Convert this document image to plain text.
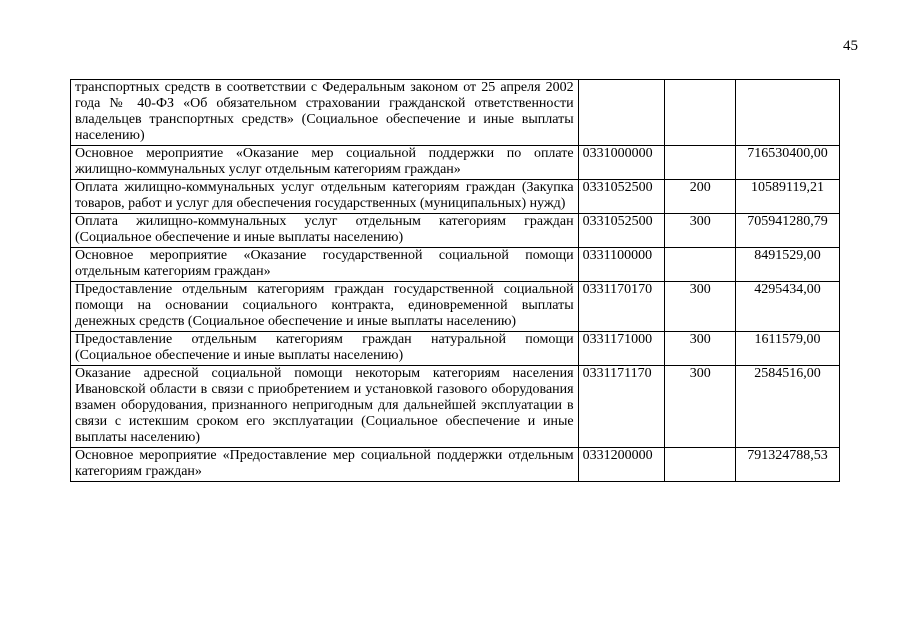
45
транспортных средств в соответствии с Федеральным законом от 25 апреля 2002 года № 40-ФЗ «Об обязательном страховании гражданской ответственности владельцев транспортных средств» (Социальное обеспечение и иные выплаты населению)			
Основное мероприятие «Оказание мер социальной поддержки по оплате жилищно-коммунальных услуг отдельным категориям граждан»	0331000000		716530400,00
Оплата жилищно-коммунальных услуг отдельным категориям граждан (Закупка товаров, работ и услуг для обеспечения государственных (муниципальных) нужд)	0331052500	200	10589119,21
Оплата жилищно-коммунальных услуг отдельным категориям граждан (Социальное обеспечение и иные выплаты населению)	0331052500	300	705941280,79
Основное мероприятие «Оказание государственной социальной помощи отдельным категориям граждан»	0331100000		8491529,00
Предоставление отдельным категориям граждан государственной социальной помощи на основании социального контракта, единовременной выплаты денежных средств (Социальное обеспечение и иные выплаты населению)	0331170170	300	4295434,00
Предоставление отдельным категориям граждан натуральной помощи (Социальное обеспечение и иные выплаты населению)	0331171000	300	1611579,00
Оказание адресной социальной помощи некоторым категориям населения Ивановской области в связи с приобретением и установкой газового оборудования взамен оборудования, признанного непригодным для дальнейшей эксплуатации в связи с истекшим сроком его эксплуатации (Социальное обеспечение и иные выплаты населению)	0331171170	300	2584516,00
Основное мероприятие «Предоставление мер социальной поддержки отдельным категориям граждан»	0331200000		791324788,53
